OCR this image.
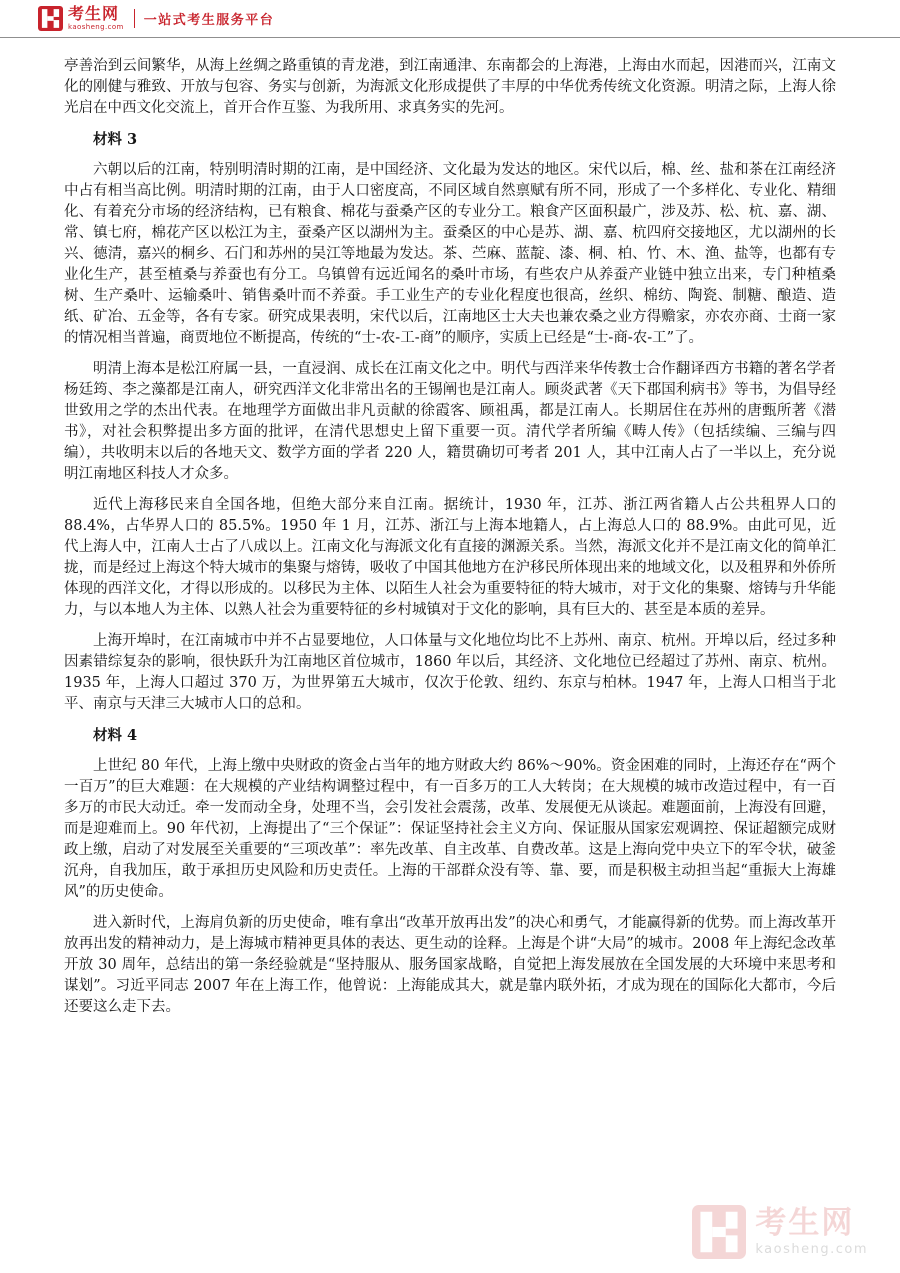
考生网
kaosheng.com 一站式考生服务平台

亭善治到云间繁华，从海上丝绸之路重镇的青龙港，到江南通津、东南都会的上海港，上海由水而起，因港而兴，江南文化的刚健与雅致、开放与包容、务实与创新，为海派文化形成提供了丰厚的中华优秀传统文化资源。明清之际，上海人徐光启在中西文化交流上，首开合作互鉴、为我所用、求真务实的先河。

材料 3

六朝以后的江南，特别明清时期的江南，是中国经济、文化最为发达的地区。宋代以后，棉、丝、盐和茶在江南经济中占有相当高比例。明清时期的江南，由于人口密度高，不同区域自然禀赋有所不同，形成了一个多样化、专业化、精细化、有着充分市场的经济结构，已有粮食、棉花与蚕桑产区的专业分工。粮食产区面积最广，涉及苏、松、杭、嘉、湖、常、镇七府，棉花产区以松江为主，蚕桑产区以湖州为主。蚕桑区的中心是苏、湖、嘉、杭四府交接地区，尤以湖州的长兴、德清，嘉兴的桐乡、石门和苏州的吴江等地最为发达。茶、苎麻、蓝靛、漆、桐、柏、竹、木、渔、盐等，也都有专业化生产，甚至植桑与养蚕也有分工。乌镇曾有远近闻名的桑叶市场，有些农户从养蚕产业链中独立出来，专门种植桑树、生产桑叶、运输桑叶、销售桑叶而不养蚕。手工业生产的专业化程度也很高，丝织、棉纺、陶瓷、制糖、酿造、造纸、矿冶、五金等，各有专家。研究成果表明，宋代以后，江南地区士大夫也兼农桑之业方得赡家，亦农亦商、士商一家的情况相当普遍，商贾地位不断提高，传统的“士-农-工-商”的顺序，实质上已经是“士-商-农-工”了。

明清上海本是松江府属一县，一直浸润、成长在江南文化之中。明代与西洋来华传教士合作翻译西方书籍的著名学者杨廷筠、李之藻都是江南人，研究西洋文化非常出名的王锡阐也是江南人。顾炎武著《天下郡国利病书》等书，为倡导经世致用之学的杰出代表。在地理学方面做出非凡贡献的徐霞客、顾祖禹，都是江南人。长期居住在苏州的唐甄所著《潜书》，对社会积弊提出多方面的批评，在清代思想史上留下重要一页。清代学者所编《畴人传》（包括续编、三编与四编），共收明末以后的各地天文、数学方面的学者 220 人，籍贯确切可考者 201 人，其中江南人占了一半以上，充分说明江南地区科技人才众多。

近代上海移民来自全国各地，但绝大部分来自江南。据统计，1930 年，江苏、浙江两省籍人占公共租界人口的 88.4%，占华界人口的 85.5%。1950 年 1 月，江苏、浙江与上海本地籍人，占上海总人口的 88.9%。由此可见，近代上海人中，江南人士占了八成以上。江南文化与海派文化有直接的渊源关系。当然，海派文化并不是江南文化的简单汇拢，而是经过上海这个特大城市的集聚与熔铸，吸收了中国其他地方在沪移民所体现出来的地域文化，以及租界和外侨所体现的西洋文化，才得以形成的。以移民为主体、以陌生人社会为重要特征的特大城市，对于文化的集聚、熔铸与升华能力，与以本地人为主体、以熟人社会为重要特征的乡村城镇对于文化的影响，具有巨大的、甚至是本质的差异。

上海开埠时，在江南城市中并不占显要地位，人口体量与文化地位均比不上苏州、南京、杭州。开埠以后，经过多种因素错综复杂的影响，很快跃升为江南地区首位城市，1860 年以后，其经济、文化地位已经超过了苏州、南京、杭州。1935 年，上海人口超过 370 万，为世界第五大城市，仅次于伦敦、纽约、东京与柏林。1947 年，上海人口相当于北平、南京与天津三大城市人口的总和。

材料 4

上世纪 80 年代，上海上缴中央财政的资金占当年的地方财政大约 86%～90%。资金困难的同时，上海还存在“两个一百万”的巨大难题：在大规模的产业结构调整过程中，有一百多万的工人大转岗；在大规模的城市改造过程中，有一百多万的市民大动迁。牵一发而动全身，处理不当，会引发社会震荡，改革、发展便无从谈起。难题面前，上海没有回避，而是迎难而上。90 年代初，上海提出了“三个保证”：保证坚持社会主义方向、保证服从国家宏观调控、保证超额完成财政上缴，启动了对发展至关重要的“三项改革”：率先改革、自主改革、自费改革。这是上海向党中央立下的军令状，破釜沉舟，自我加压，敢于承担历史风险和历史责任。上海的干部群众没有等、靠、要，而是积极主动担当起“重振大上海雄风”的历史使命。

进入新时代，上海肩负新的历史使命，唯有拿出“改革开放再出发”的决心和勇气，才能赢得新的优势。而上海改革开放再出发的精神动力，是上海城市精神更具体的表达、更生动的诠释。上海是个讲“大局”的城市。2008 年上海纪念改革开放 30 周年，总结出的第一条经验就是“坚持服从、服务国家战略，自觉把上海发展放在全国发展的大环境中来思考和谋划”。习近平同志 2007 年在上海工作，他曾说：上海能成其大，就是靠内联外拓，才成为现在的国际化大都市，今后还要这么走下去。

考生网
kaosheng.com
